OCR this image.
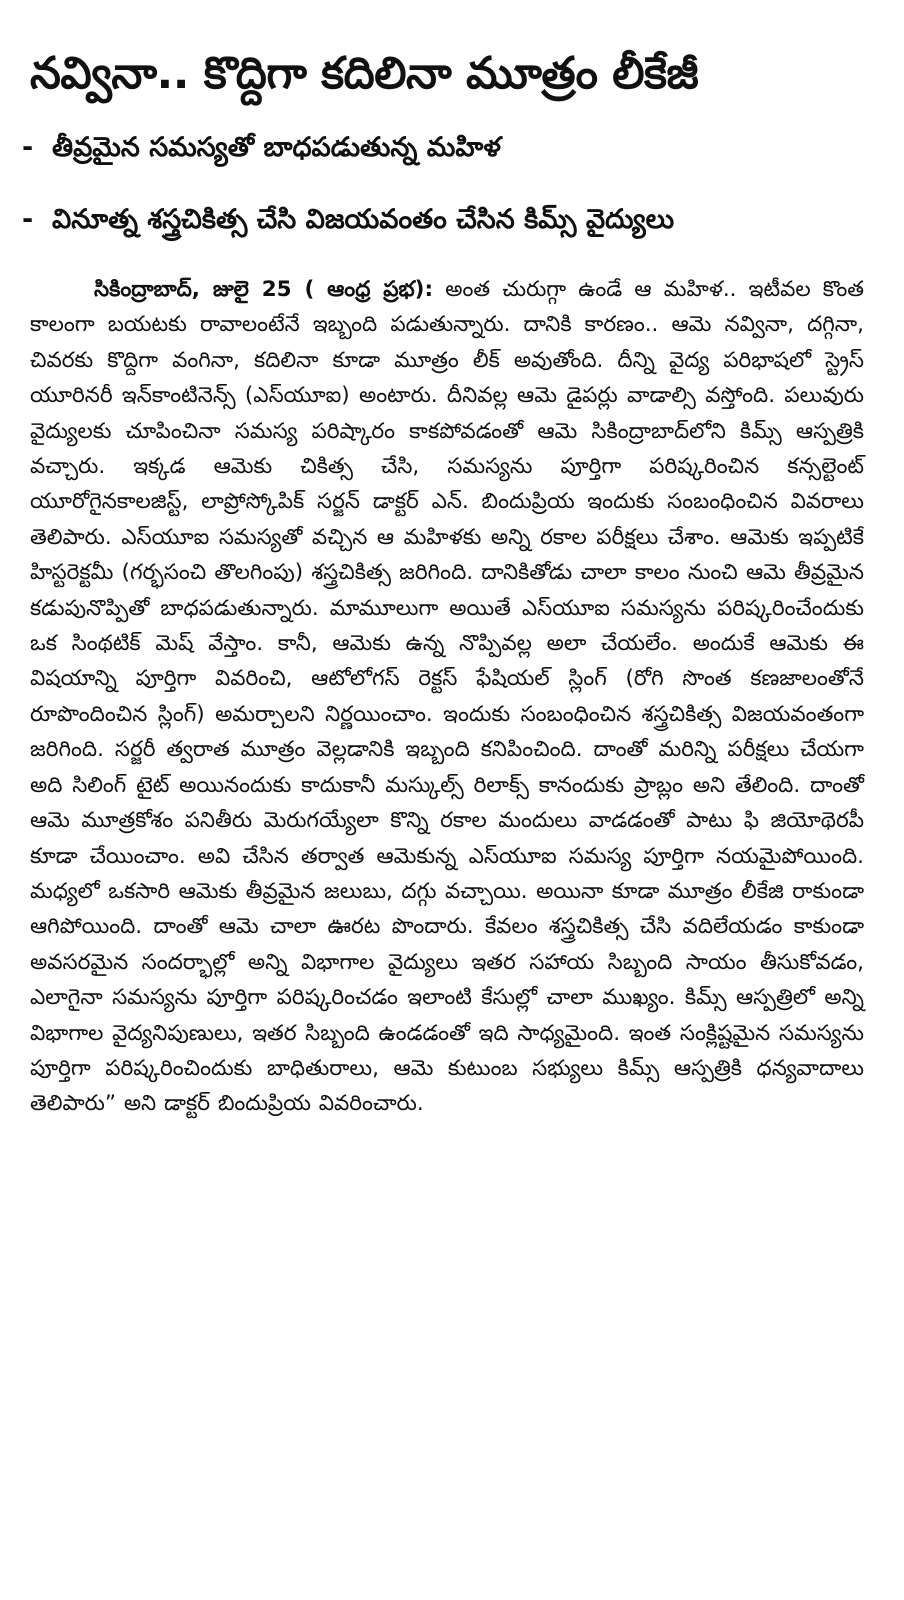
నవ్వినా.. కొద్దిగా కదిలినా మూత్రం లీకేజీ
- తీవ్రమైన సమస్యతో బాధపడుతున్న మహిళ
- వినూత్న శస్త్రచికిత్స చేసి విజయవంతం చేసిన కిమ్స్ వైద్యులు
సికింద్రాబాద్, జులై 25 ( ఆంధ్ర ప్రభ): అంత చురుగ్గా ఉండే ఆ మహిళ.. ఇటీవల కొంత కాలంగా బయటకు రావాలంటేనే ఇబ్బంది పడుతున్నారు. దానికి కారణం.. ఆమె నవ్వినా, దగ్గినా, చివరకు కొద్దిగా వంగినా, కదిలినా కూడా మూత్రం లీక్ అవుతోంది. దీన్ని వైద్య పరిభాషలో స్ట్రెస్ యూరినరీ ఇన్‌కాంటినెన్స్ (ఎస్‌యూఐ) అంటారు. దీనివల్ల ఆమె డైపర్లు వాడాల్సి వస్తోంది. పలువురు వైద్యులకు చూపించినా సమస్య పరిష్కారం కాకపోవడంతో ఆమె సికింద్రాబాద్‌లోని కిమ్స్ ఆస్పత్రికి వచ్చారు. ఇక్కడ ఆమెకు చికిత్స చేసి, సమస్యను పూర్తిగా పరిష్కరించిన కన్సల్టెంట్ యూరోగైనకాలజిస్ట్, లాప్రోస్కోపిక్ సర్జన్ డాక్టర్ ఎన్. బిందుప్రియ ఇందుకు సంబంధించిన వివరాలు తెలిపారు. ఎస్‌యూఐ సమస్యతో వచ్చిన ఆ మహిళకు అన్ని రకాల పరీక్షలు చేశాం. ఆమెకు ఇప్పటికే హిస్టరెక్టమీ (గర్భసంచి తొలగింపు) శస్త్రచికిత్స జరిగింది. దానికితోడు చాలా కాలం నుంచి ఆమె తీవ్రమైన కడుపునొప్పితో బాధపడుతున్నారు. మామూలుగా అయితే ఎస్‌యూఐ సమస్యను పరిష్కరించేందుకు ఒక సింథటిక్ మెష్ వేస్తాం. కానీ, ఆమెకు ఉన్న నొప్పివల్ల అలా చేయలేం. అందుకే ఆమెకు ఈ విషయాన్ని పూర్తిగా వివరించి, ఆటోలోగస్ రెక్టస్ ఫేషియల్ స్లింగ్ (రోగి సొంత కణజాలంతోనే రూపొందించిన స్లింగ్) అమర్చాలని నిర్ణయించాం. ఇందుకు సంబంధించిన శస్త్రచికిత్స విజయవంతంగా జరిగింది. సర్జరీ త్వరాత మూత్రం వెల్లడానికి ఇబ్బంది కనిపించింది. దాంతో మరిన్ని పరీక్షలు చేయగా అది సిలింగ్ టైట్ అయినందుకు కాదుకానీ మస్కుల్స్ రిలాక్స్ కానందుకు ప్రాబ్లం అని తేలింది. దాంతో ఆమె మూత్రకోశం పనితీరు మెరుగయ్యేలా కొన్ని రకాల మందులు వాడడంతో పాటు ఫి జియోథెరపీ కూడా చేయించాం. అవి చేసిన తర్వాత ఆమెకున్న ఎస్‌యూఐ సమస్య పూర్తిగా నయమైపోయింది. మధ్యలో ఒకసారి ఆమెకు తీవ్రమైన జలుబు, దగ్గు వచ్చాయి. అయినా కూడా మూత్రం లీకేజి రాకుండా ఆగిపోయింది. దాంతో ఆమె చాలా ఊరట పొందారు. కేవలం శస్త్రచికిత్స చేసి వదిలేయడం కాకుండా అవసరమైన సందర్భాల్లో అన్ని విభాగాల వైద్యులు ఇతర సహాయ సిబ్బంది సాయం తీసుకోవడం, ఎలాగైనా సమస్యను పూర్తిగా పరిష్కరించడం ఇలాంటి కేసుల్లో చాలా ముఖ్యం. కిమ్స్ ఆస్పత్రిలో అన్ని విభాగాల వైద్యనిపుణులు, ఇతర సిబ్బంది ఉండడంతో ఇది సాధ్యమైంది. ఇంత సంక్లిష్టమైన సమస్యను పూర్తిగా పరిష్కరించిందుకు బాధితురాలు, ఆమె కుటుంబ సభ్యులు కిమ్స్ ఆస్పత్రికి ధన్యవాదాలు తెలిపారు” అని డాక్టర్ బిందుప్రియ వివరించారు.
